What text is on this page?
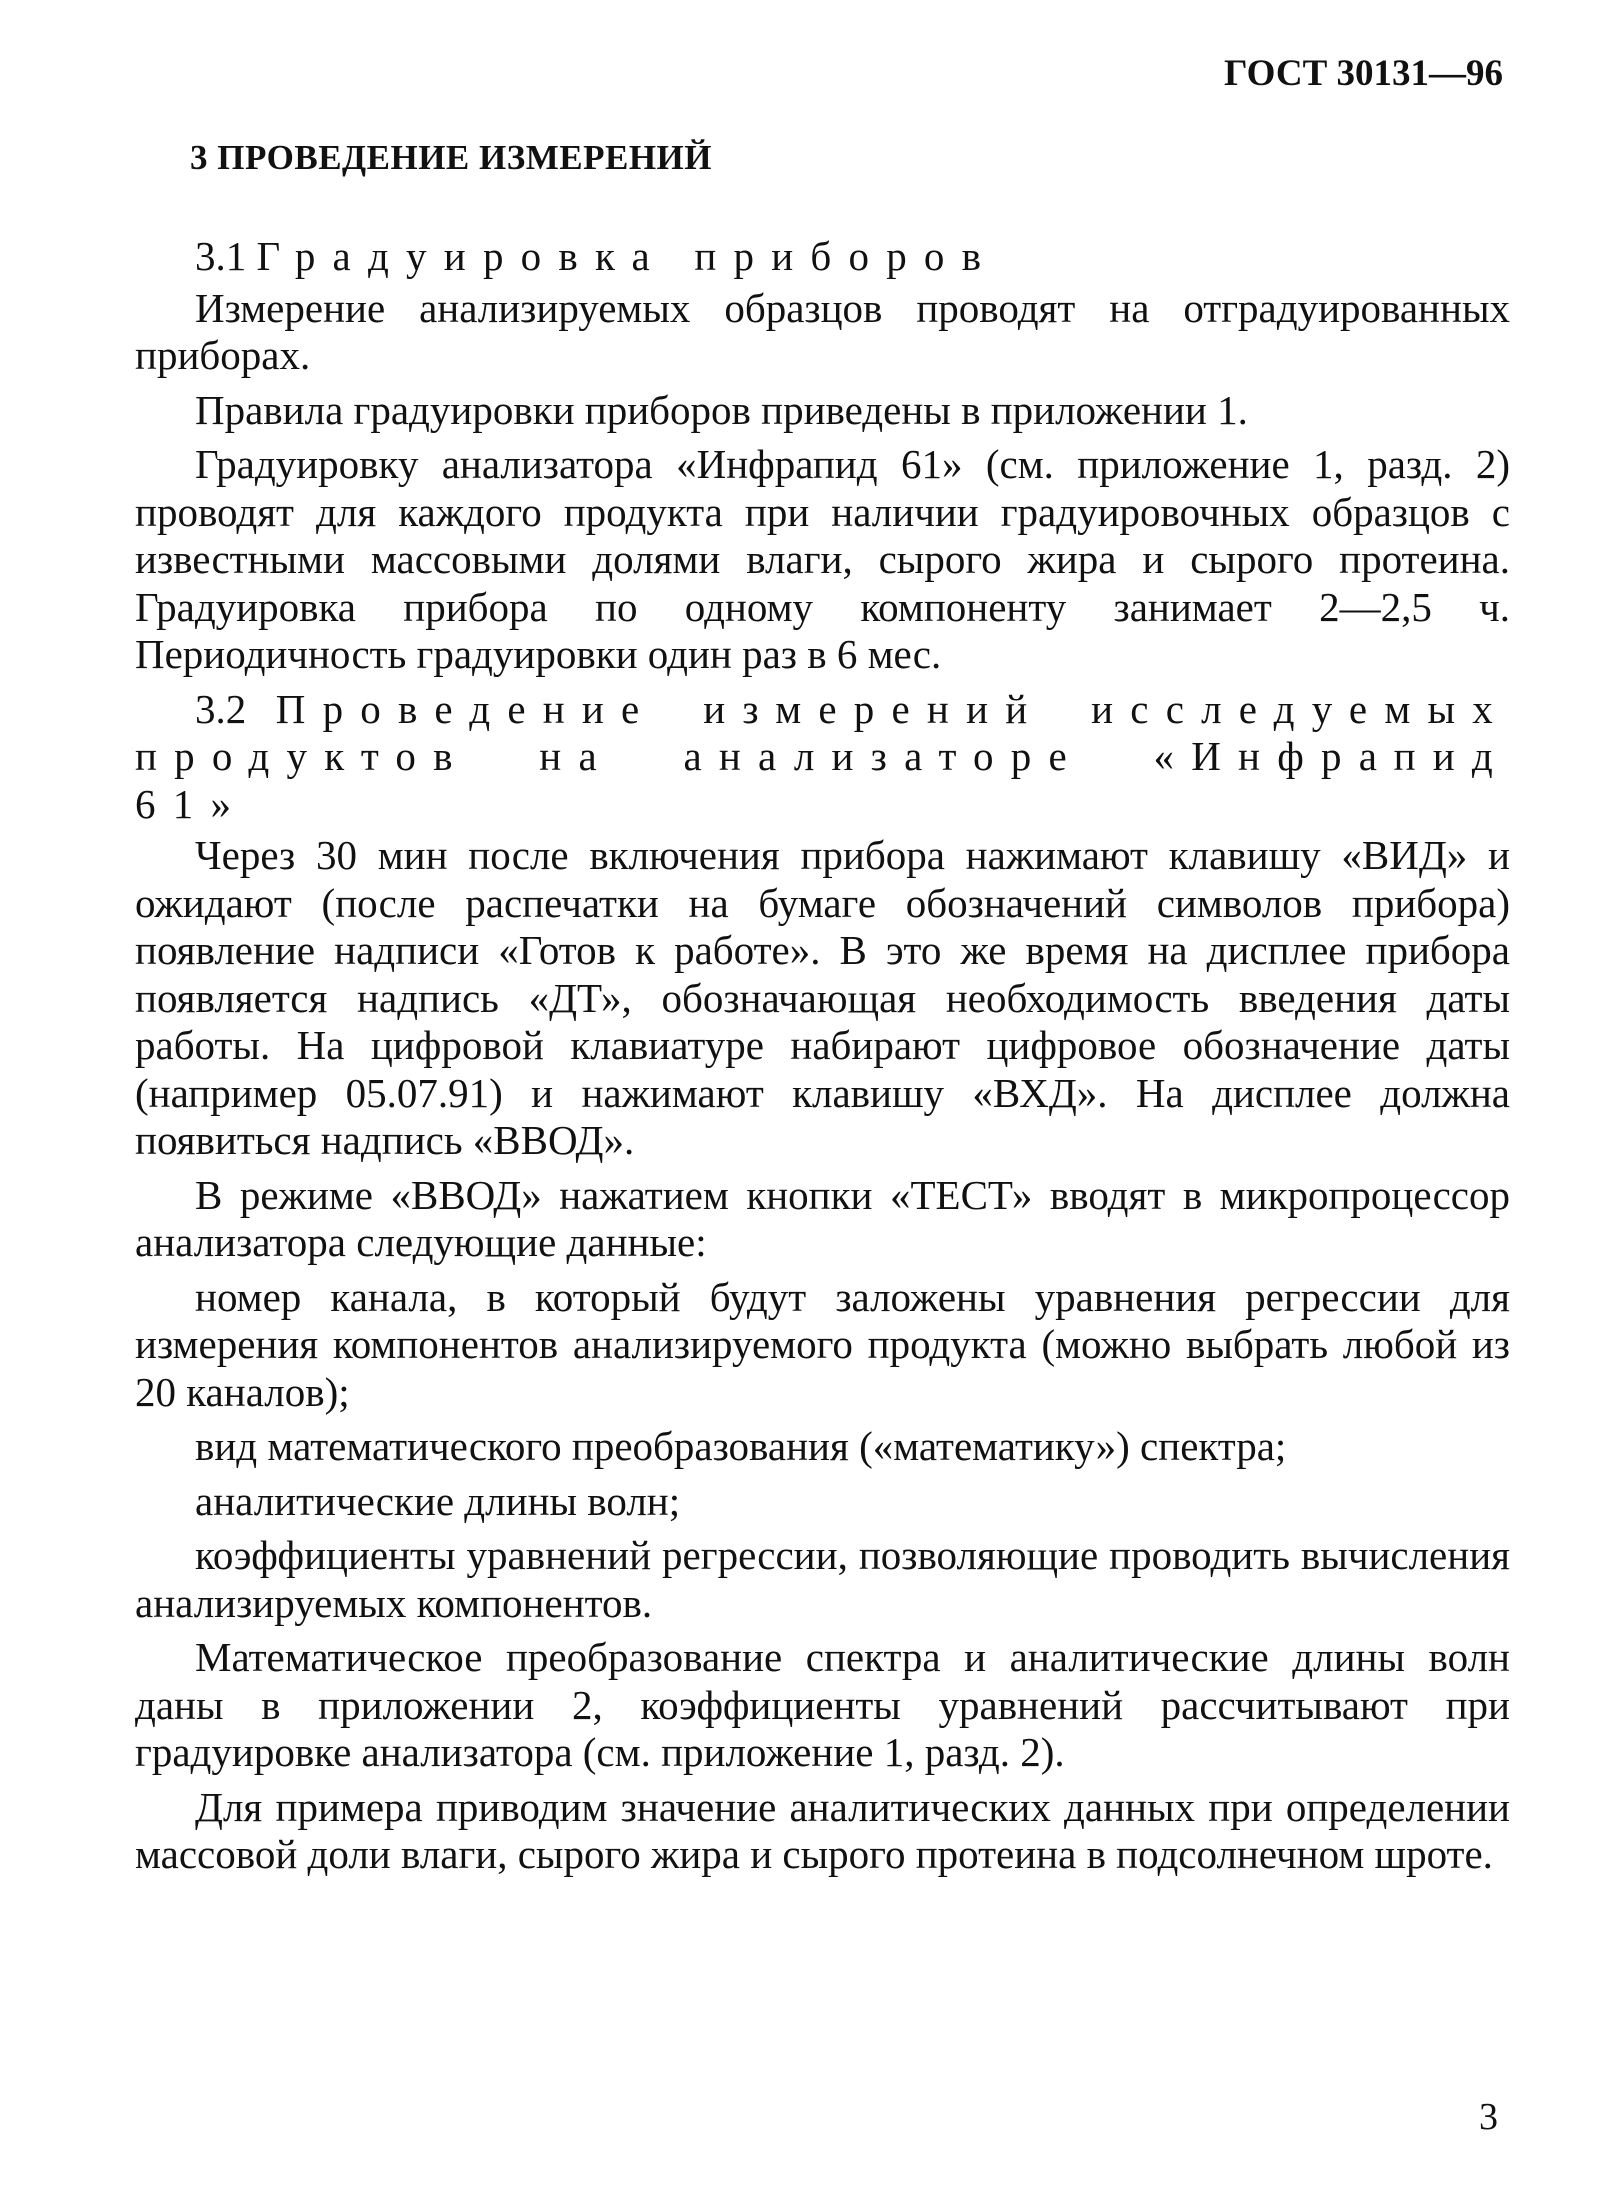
ГОСТ 30131—96
3 ПРОВЕДЕНИЕ ИЗМЕРЕНИЙ
3.1 Градуировка приборов

Измерение анализируемых образцов проводят на отградуированных приборах.

Правила градуировки приборов приведены в приложении 1.

Градуировку анализатора «Инфрапид 61» (см. приложение 1, разд. 2) проводят для каждого продукта при наличии градуировочных образцов с известными массовыми долями влаги, сырого жира и сырого протеина. Градуировка прибора по одному компоненту занимает 2—2,5 ч. Периодичность градуировки один раз в 6 мес.

3.2 Проведение измерений исследуемых продуктов на анализаторе «Инфрапид 61»

Через 30 мин после включения прибора нажимают клавишу «ВИД» и ожидают (после распечатки на бумаге обозначений символов прибора) появление надписи «Готов к работе». В это же время на дисплее прибора появляется надпись «ДТ», обозначающая необходимость введения даты работы. На цифровой клавиатуре набирают цифровое обозначение даты (например 05.07.91) и нажимают клавишу «ВХД». На дисплее должна появиться надпись «ВВОД».

В режиме «ВВОД» нажатием кнопки «ТЕСТ» вводят в микропроцессор анализатора следующие данные:

номер канала, в который будут заложены уравнения регрессии для измерения компонентов анализируемого продукта (можно выбрать любой из 20 каналов);

вид математического преобразования («математику») спектра;

аналитические длины волн;

коэффициенты уравнений регрессии, позволяющие проводить вычисления анализируемых компонентов.

Математическое преобразование спектра и аналитические длины волн даны в приложении 2, коэффициенты уравнений рассчитывают при градуировке анализатора (см. приложение 1, разд. 2).

Для примера приводим значение аналитических данных при определении массовой доли влаги, сырого жира и сырого протеина в подсолнечном шроте.

3
